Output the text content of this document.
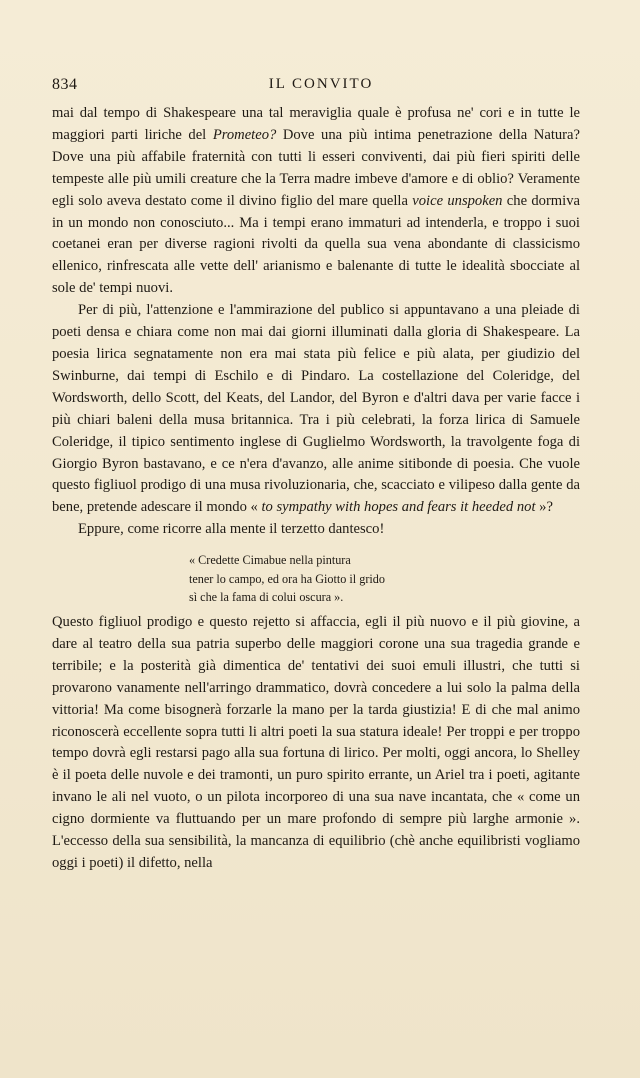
834	IL CONVITO

mai dal tempo di Shakespeare una tal meraviglia quale è profusa ne' cori e in tutte le maggiori parti liriche del Prometeo? Dove una più intima penetrazione della Natura? Dove una più affabile fraternità con tutti li esseri conviventi, dai più fieri spiriti delle tempeste alle più umili creature che la Terra madre imbeve d'amore e di oblio? Veramente egli solo aveva destato come il divino figlio del mare quella voice unspoken che dormiva in un mondo non conosciuto... Ma i tempi erano immaturi ad intenderla, e troppo i suoi coetanei eran per diverse ragioni rivolti da quella sua vena abondante di classicismo ellenico, rinfrescata alle vette dell' arianismo e balenante di tutte le idealità sbocciate al sole de' tempi nuovi.

Per di più, l'attenzione e l'ammirazione del publico si appuntavano a una pleiade di poeti densa e chiara come non mai dai giorni illuminati dalla gloria di Shakespeare. La poesia lirica segnatamente non era mai stata più felice e più alata, per giudizio del Swinburne, dai tempi di Eschilo e di Pindaro. La costellazione del Coleridge, del Wordsworth, dello Scott, del Keats, del Landor, del Byron e d'altri dava per varie facce i più chiari baleni della musa britannica. Tra i più celebrati, la forza lirica di Samuele Coleridge, il tipico sentimento inglese di Guglielmo Wordsworth, la travolgente foga di Giorgio Byron bastavano, e ce n'era d'avanzo, alle anime sitibonde di poesia. Che vuole questo figliuol prodigo di una musa rivoluzionaria, che, scacciato e vilipeso dalla gente da bene, pretende adescare il mondo « to sympathy with hopes and fears it heeded not »?

Eppure, come ricorre alla mente il terzetto dantesco!

« Credette Cimabue nella pintura
tener lo campo, ed ora ha Giotto il grido
sì che la fama di colui oscura ».

Questo figliuol prodigo e questo rejetto si affaccia, egli il più nuovo e il più giovine, a dare al teatro della sua patria superbo delle maggiori corone una sua tragedia grande e terribile; e la posterità già dimentica de' tentativi dei suoi emuli illustri, che tutti si provarono vanamente nell'arringo drammatico, dovrà concedere a lui solo la palma della vittoria! Ma come bisognerà forzarle la mano per la tarda giustizia! E di che mal animo riconoscerà eccellente sopra tutti li altri poeti la sua statura ideale! Per troppi e per troppo tempo dovrà egli restarsi pago alla sua fortuna di lirico. Per molti, oggi ancora, lo Shelley è il poeta delle nuvole e dei tramonti, un puro spirito errante, un Ariel tra i poeti, agitante invano le ali nel vuoto, o un pilota incorporeo di una sua nave incantata, che « come un cigno dormiente va fluttuando per un mare profondo di sempre più larghe armonie ». L'eccesso della sua sensibilità, la mancanza di equilibrio (chè anche equilibristi vogliamo oggi i poeti) il difetto, nella
